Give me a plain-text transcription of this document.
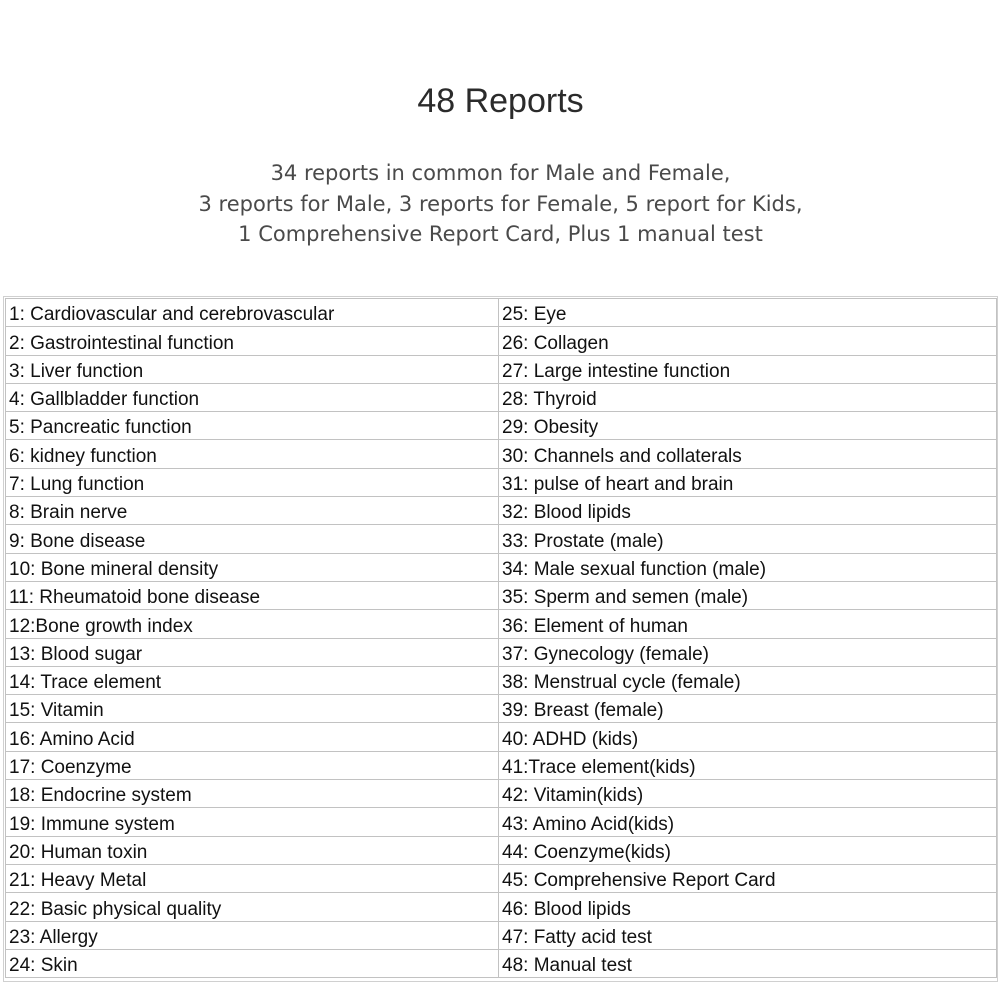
48 Reports
34 reports in common for Male and Female,
3 reports for Male, 3 reports for Female, 5 report for Kids,
1 Comprehensive Report Card, Plus 1 manual test
1: Cardiovascular and cerebrovascular	25: Eye
2: Gastrointestinal function	26: Collagen
3: Liver function	27: Large intestine function
4: Gallbladder function	28: Thyroid
5: Pancreatic function	29: Obesity
6: kidney function	30: Channels and collaterals
7: Lung function	31: pulse of heart and brain
8: Brain nerve	32: Blood lipids
9: Bone disease	33: Prostate (male)
10: Bone mineral density	34: Male sexual function (male)
11: Rheumatoid bone disease	35: Sperm and semen (male)
12:Bone growth index	36: Element of human
13: Blood sugar	37: Gynecology (female)
14: Trace element	38: Menstrual cycle (female)
15: Vitamin	39: Breast (female)
16: Amino Acid	40: ADHD (kids)
17: Coenzyme	41:Trace element(kids)
18: Endocrine system	42: Vitamin(kids)
19: Immune system	43: Amino Acid(kids)
20: Human toxin	44: Coenzyme(kids)
21: Heavy Metal	45: Comprehensive Report Card
22: Basic physical quality	46: Blood lipids
23: Allergy	47: Fatty acid test
24: Skin	48: Manual test
